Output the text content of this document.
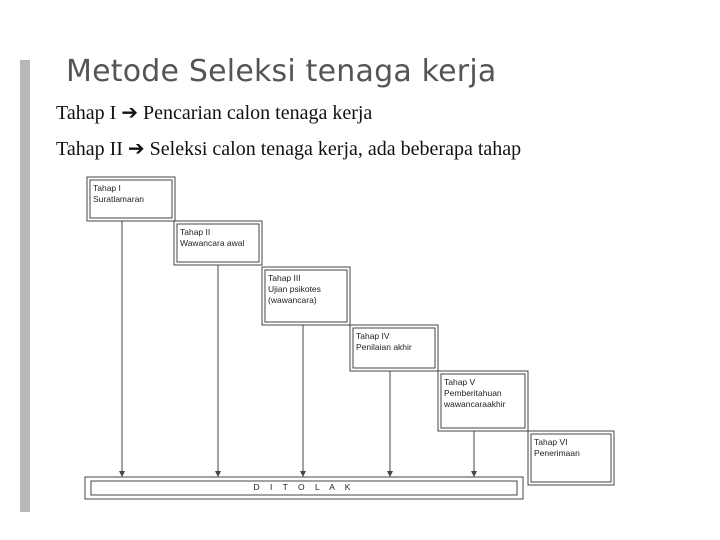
Metode Seleksi tenaga kerja
Tahap I ➔ Pencarian calon tenaga kerja
Tahap II ➔ Seleksi calon tenaga kerja, ada beberapa tahap
Tahap I
Suratlamaran
Tahap II
Wawancara awal
Tahap III
Ujian psikotes
(wawancara)
Tahap IV
Penilaian akhir
Tahap V
Pemberitahuan
wawancaraakhir
Tahap VI
Penerimaan
D I T O L A K
